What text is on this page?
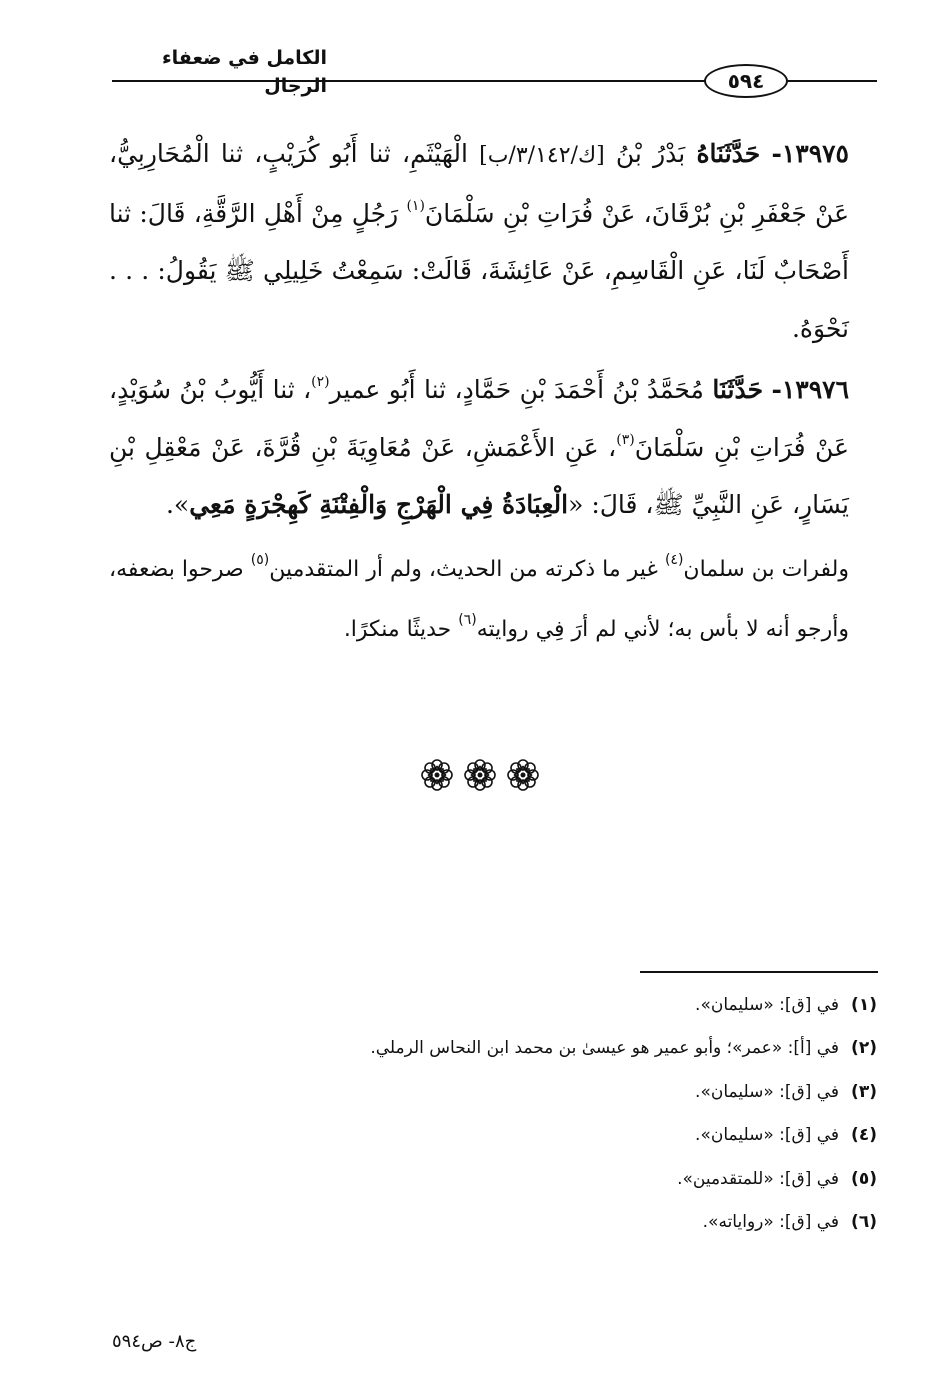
الكامل في ضعفاء الرجال	٥٩٤

١٣٩٧٥- حَدَّثَنَاهُ بَدْرُ بْنُ [ك/٣/١٤٢/ب] الْهَيْثَمِ، ثنا أَبُو كُرَيْبٍ، ثنا الْمُحَارِبِيُّ، عَنْ جَعْفَرِ بْنِ بُرْقَانَ، عَنْ فُرَاتِ بْنِ سَلْمَانَ$^{(١)}$ رَجُلٍ مِنْ أَهْلِ الرَّقَّةِ، قَالَ: ثنا أَصْحَابٌ لَنَا، عَنِ الْقَاسِمِ، عَنْ عَائِشَةَ، قَالَتْ: سَمِعْتُ خَلِيلِي ﷺ يَقُولُ: . . . نَحْوَهُ.

١٣٩٧٦- حَدَّثَنَا مُحَمَّدُ بْنُ أَحْمَدَ بْنِ حَمَّادٍ، ثنا أَبُو عمير$^{(٢)}$، ثنا أَيُّوبُ بْنُ سُوَيْدٍ، عَنْ فُرَاتِ بْنِ سَلْمَانَ$^{(٣)}$، عَنِ الأَعْمَشِ، عَنْ مُعَاوِيَةَ بْنِ قُرَّةَ، عَنْ مَعْقِلِ بْنِ يَسَارٍ، عَنِ النَّبِيِّ ﷺ، قَالَ: «الْعِبَادَةُ فِي الْهَرْجِ وَالْفِتْنَةِ كَهِجْرَةٍ مَعِي».

ولفرات بن سلمان$^{(٤)}$ غير ما ذكرته من الحديث، ولم أر المتقدمين$^{(٥)}$ صرحوا بضعفه، وأرجو أنه لا بأس به؛ لأني لم أرَ فِي روايته$^{(٦)}$ حديثًا منكرًا.

(١)في [ق]: «سليمان».
(٢)في [أ]: «عمر»؛ وأبو عمير هو عيسىٰ بن محمد ابن النحاس الرملي.
(٣)في [ق]: «سليمان».
(٤)في [ق]: «سليمان».
(٥)في [ق]: «للمتقدمين».
(٦)في [ق]: «رواياته».
ج٨- ص٥٩٤
